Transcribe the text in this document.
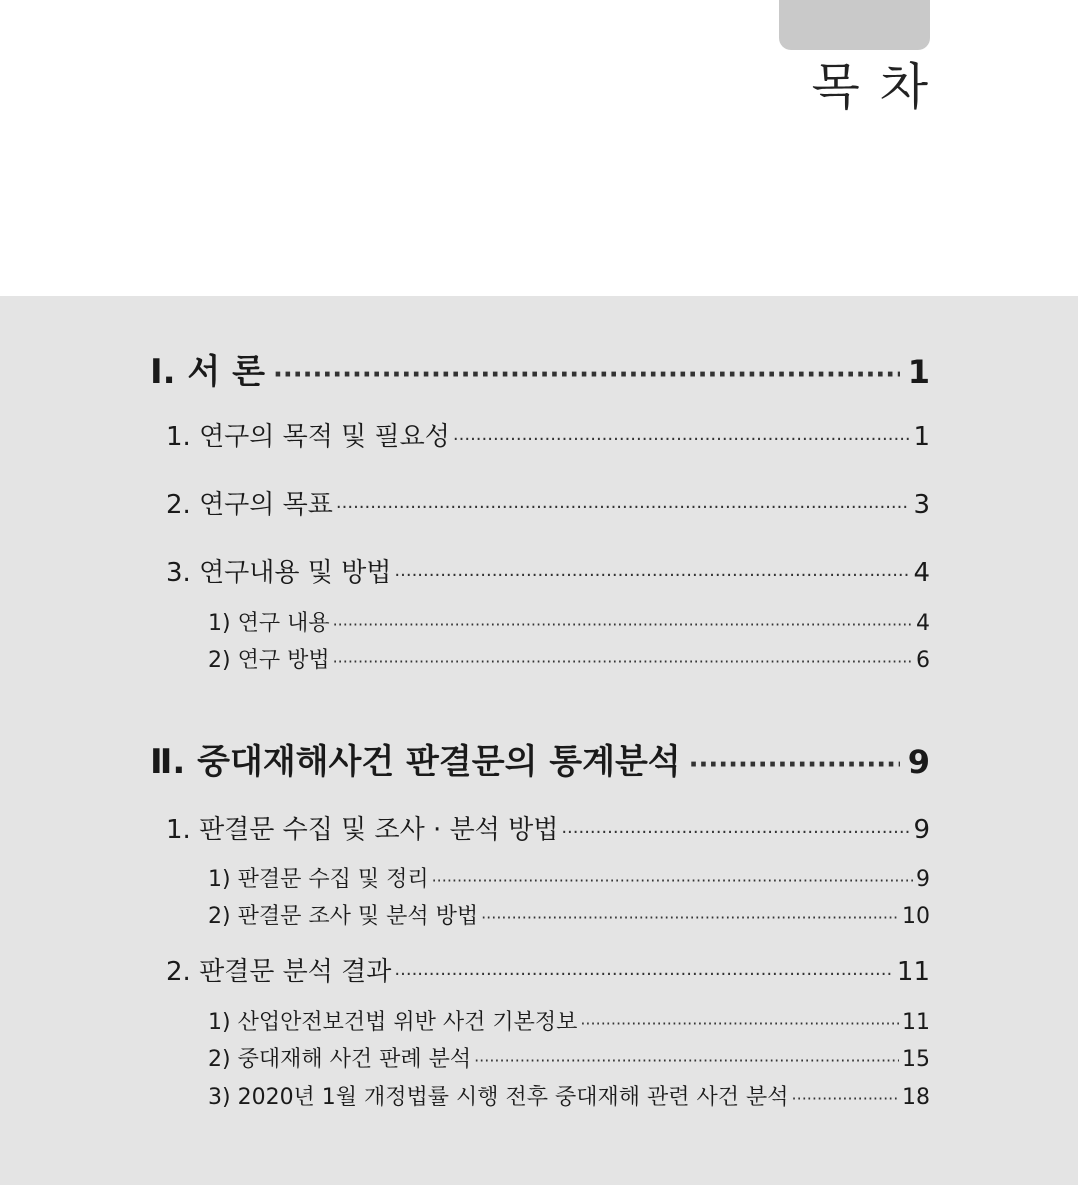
목 차
Ⅰ. 서 론 ·····	1
1. 연구의 목적 및 필요성 ·····	1
2. 연구의 목표 ·····	3
3. 연구내용 및 방법 ·····	4
1) 연구 내용 ·····	4
2) 연구 방법 ·····	6
Ⅱ. 중대재해사건 판결문의 통계분석 ·····	9
1. 판결문 수집 및 조사 · 분석 방법 ·····	9
1) 판결문 수집 및 정리 ·····	9
2) 판결문 조사 및 분석 방법 ·····	10
2. 판결문 분석 결과 ·····	11
1) 산업안전보건법 위반 사건 기본정보 ·····	11
2) 중대재해 사건 판례 분석 ·····	15
3) 2020년 1월 개정법률 시행 전후 중대재해 관련 사건 분석 ·····	18
